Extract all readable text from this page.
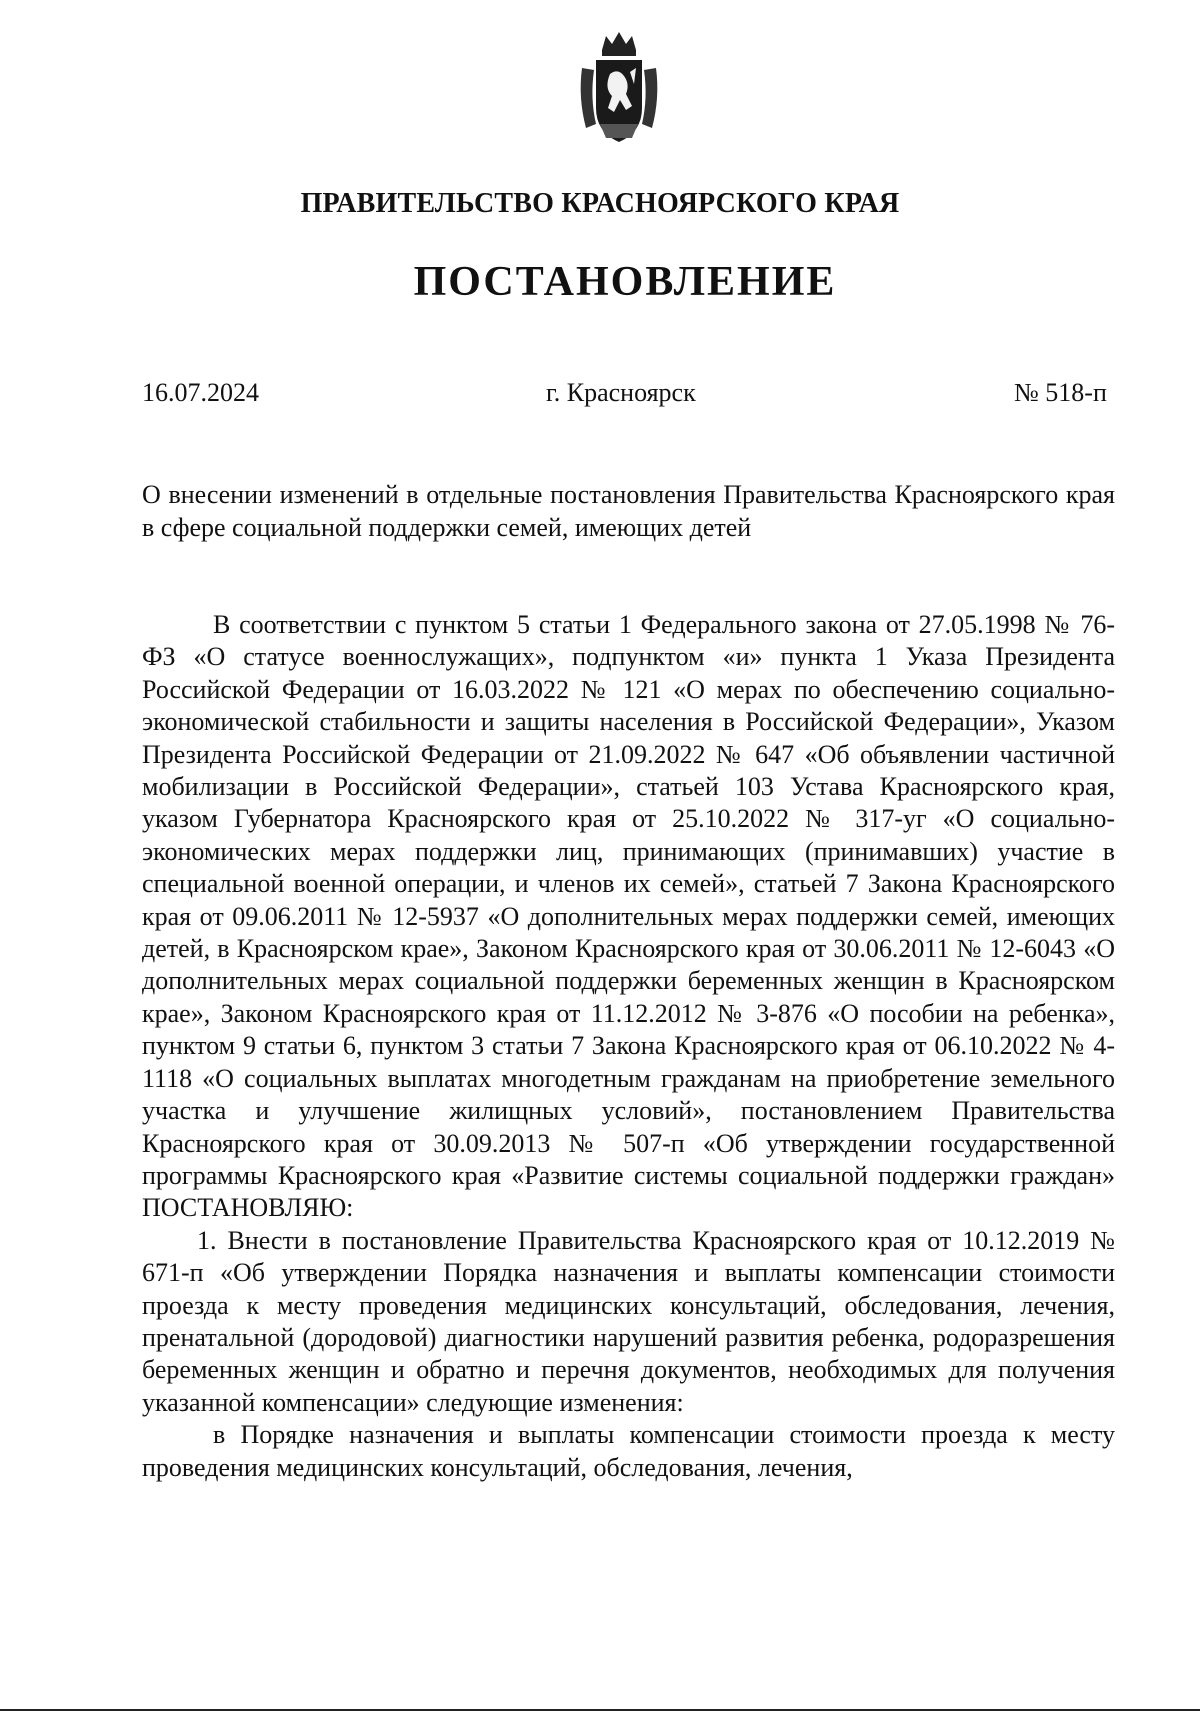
ПРАВИТЕЛЬСТВО КРАСНОЯРСКОГО КРАЯ
ПОСТАНОВЛЕНИЕ
16.07.2024	г. Красноярск	№ 518-п
О внесении изменений в отдельные постановления Правительства Красноярского края в сфере социальной поддержки семей, имеющих детей

В соответствии с пунктом 5 статьи 1 Федерального закона от 27.05.1998 № 76-ФЗ «О статусе военнослужащих», подпунктом «и» пункта 1 Указа Президента Российской Федерации от 16.03.2022 № 121 «О мерах по обеспечению социально-экономической стабильности и защиты населения в Российской Федерации», Указом Президента Российской Федерации от 21.09.2022 № 647 «Об объявлении частичной мобилизации в Российской Федерации», статьей 103 Устава Красноярского края, указом Губернатора Красноярского края от 25.10.2022 № 317-уг «О социально-экономических мерах поддержки лиц, принимающих (принимавших) участие в специальной военной операции, и членов их семей», статьей 7 Закона Красноярского края от 09.06.2011 № 12-5937 «О дополнительных мерах поддержки семей, имеющих детей, в Красноярском крае», Законом Красноярского края от 30.06.2011 № 12-6043 «О дополнительных мерах социальной поддержки беременных женщин в Красноярском крае», Законом Красноярского края от 11.12.2012 № 3-876 «О пособии на ребенка», пунктом 9 статьи 6, пунктом 3 статьи 7 Закона Красноярского края от 06.10.2022 № 4-1118 «О социальных выплатах многодетным гражданам на приобретение земельного участка и улучшение жилищных условий», постановлением Правительства Красноярского края от 30.09.2013 № 507-п «Об утверждении государственной программы Красноярского края «Развитие системы социальной поддержки граждан» ПОСТАНОВЛЯЮ:

1. Внести в постановление Правительства Красноярского края от 10.12.2019 № 671-п «Об утверждении Порядка назначения и выплаты компенсации стоимости проезда к месту проведения медицинских консультаций, обследования, лечения, пренатальной (дородовой) диагностики нарушений развития ребенка, родоразрешения беременных женщин и обратно и перечня документов, необходимых для получения указанной компенсации» следующие изменения:

в Порядке назначения и выплаты компенсации стоимости проезда к месту проведения медицинских консультаций, обследования, лечения,
